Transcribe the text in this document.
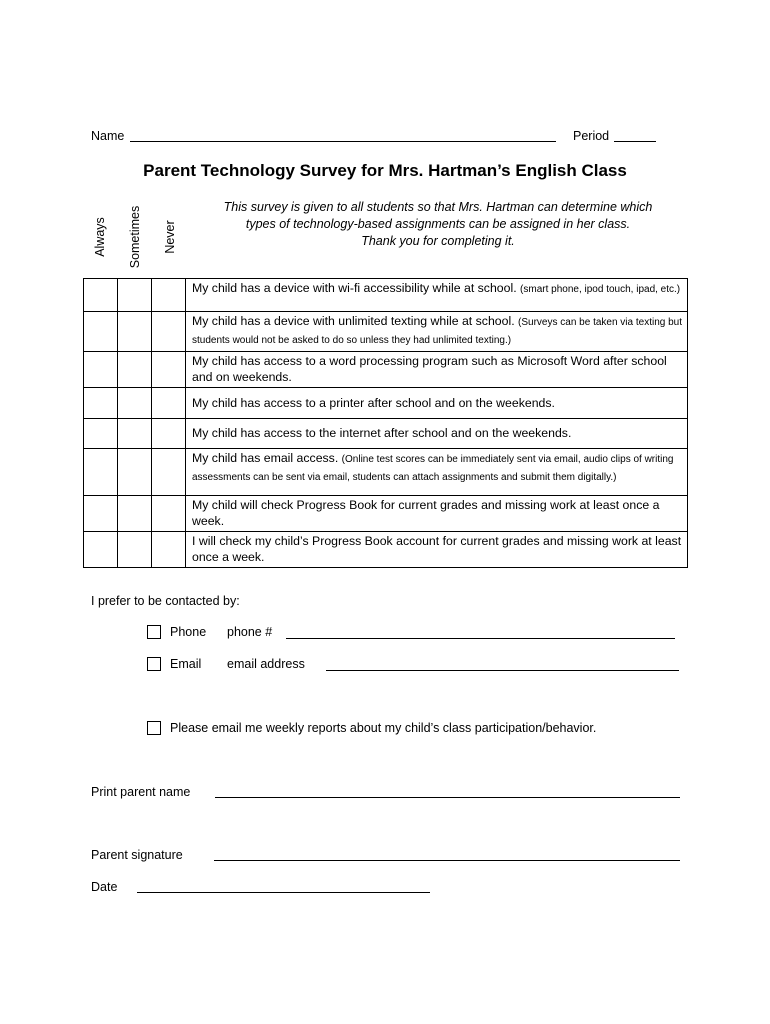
Name	Period
Parent Technology Survey for Mrs. Hartman’s English Class
Always Sometimes Never
This survey is given to all students so that Mrs. Hartman can determine which
types of technology-based assignments can be assigned in her class.
Thank you for completing it.
			My child has a device with wi-fi accessibility while at school. (smart phone, ipod touch, ipad, etc.)
			My child has a device with unlimited texting while at school. (Surveys can be taken via texting but students would not be asked to do so unless they had unlimited texting.)
			My child has access to a word processing program such as Microsoft Word after school and on weekends.
			My child has access to a printer after school and on the weekends.
			My child has access to the internet after school and on the weekends.
			My child has email access. (Online test scores can be immediately sent via email, audio clips of writing assessments can be sent via email, students can attach assignments and submit them digitally.)
			My child will check Progress Book for current grades and missing work at least once a week.
			I will check my child’s Progress Book account for current grades and missing work at least once a week.
I prefer to be contacted by:
Phone phone #
Email email address
Please email me weekly reports about my child’s class participation/behavior.
Print parent name
Parent signature
Date
